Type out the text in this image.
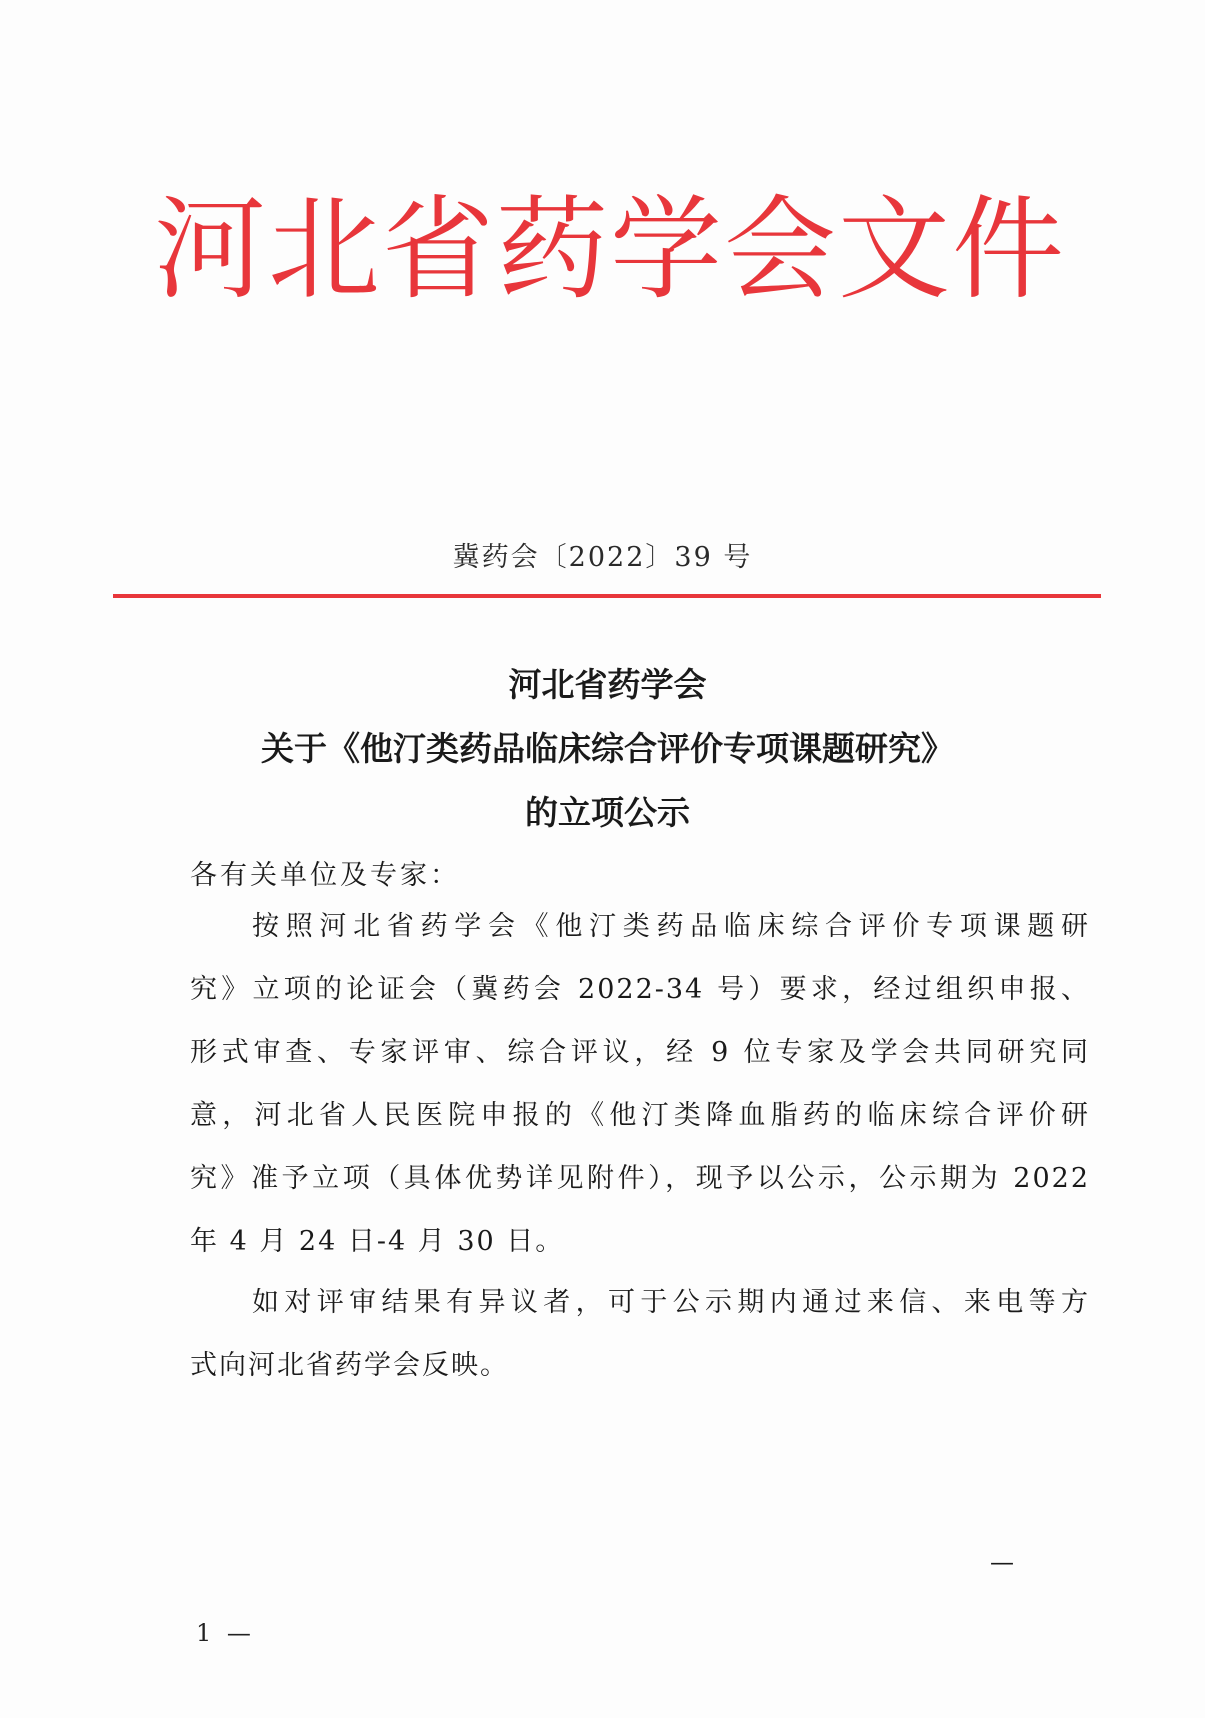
河北省药学会文件
冀药会〔2022〕39 号
河北省药学会
关于《他汀类药品临床综合评价专项课题研究》
的立项公示
各有关单位及专家：
按照河北省药学会《他汀类药品临床综合评价专项课题研
究》立项的论证会（冀药会 2022-34 号）要求，经过组织申报、
形式审查、专家评审、综合评议，经 9 位专家及学会共同研究同
意，河北省人民医院申报的《他汀类降血脂药的临床综合评价研
究》准予立项（具体优势详见附件），现予以公示，公示期为 2022
年 4 月 24 日-4 月 30 日。
如对评审结果有异议者，可于公示期内通过来信、来电等方
式向河北省药学会反映。
—
1 —
